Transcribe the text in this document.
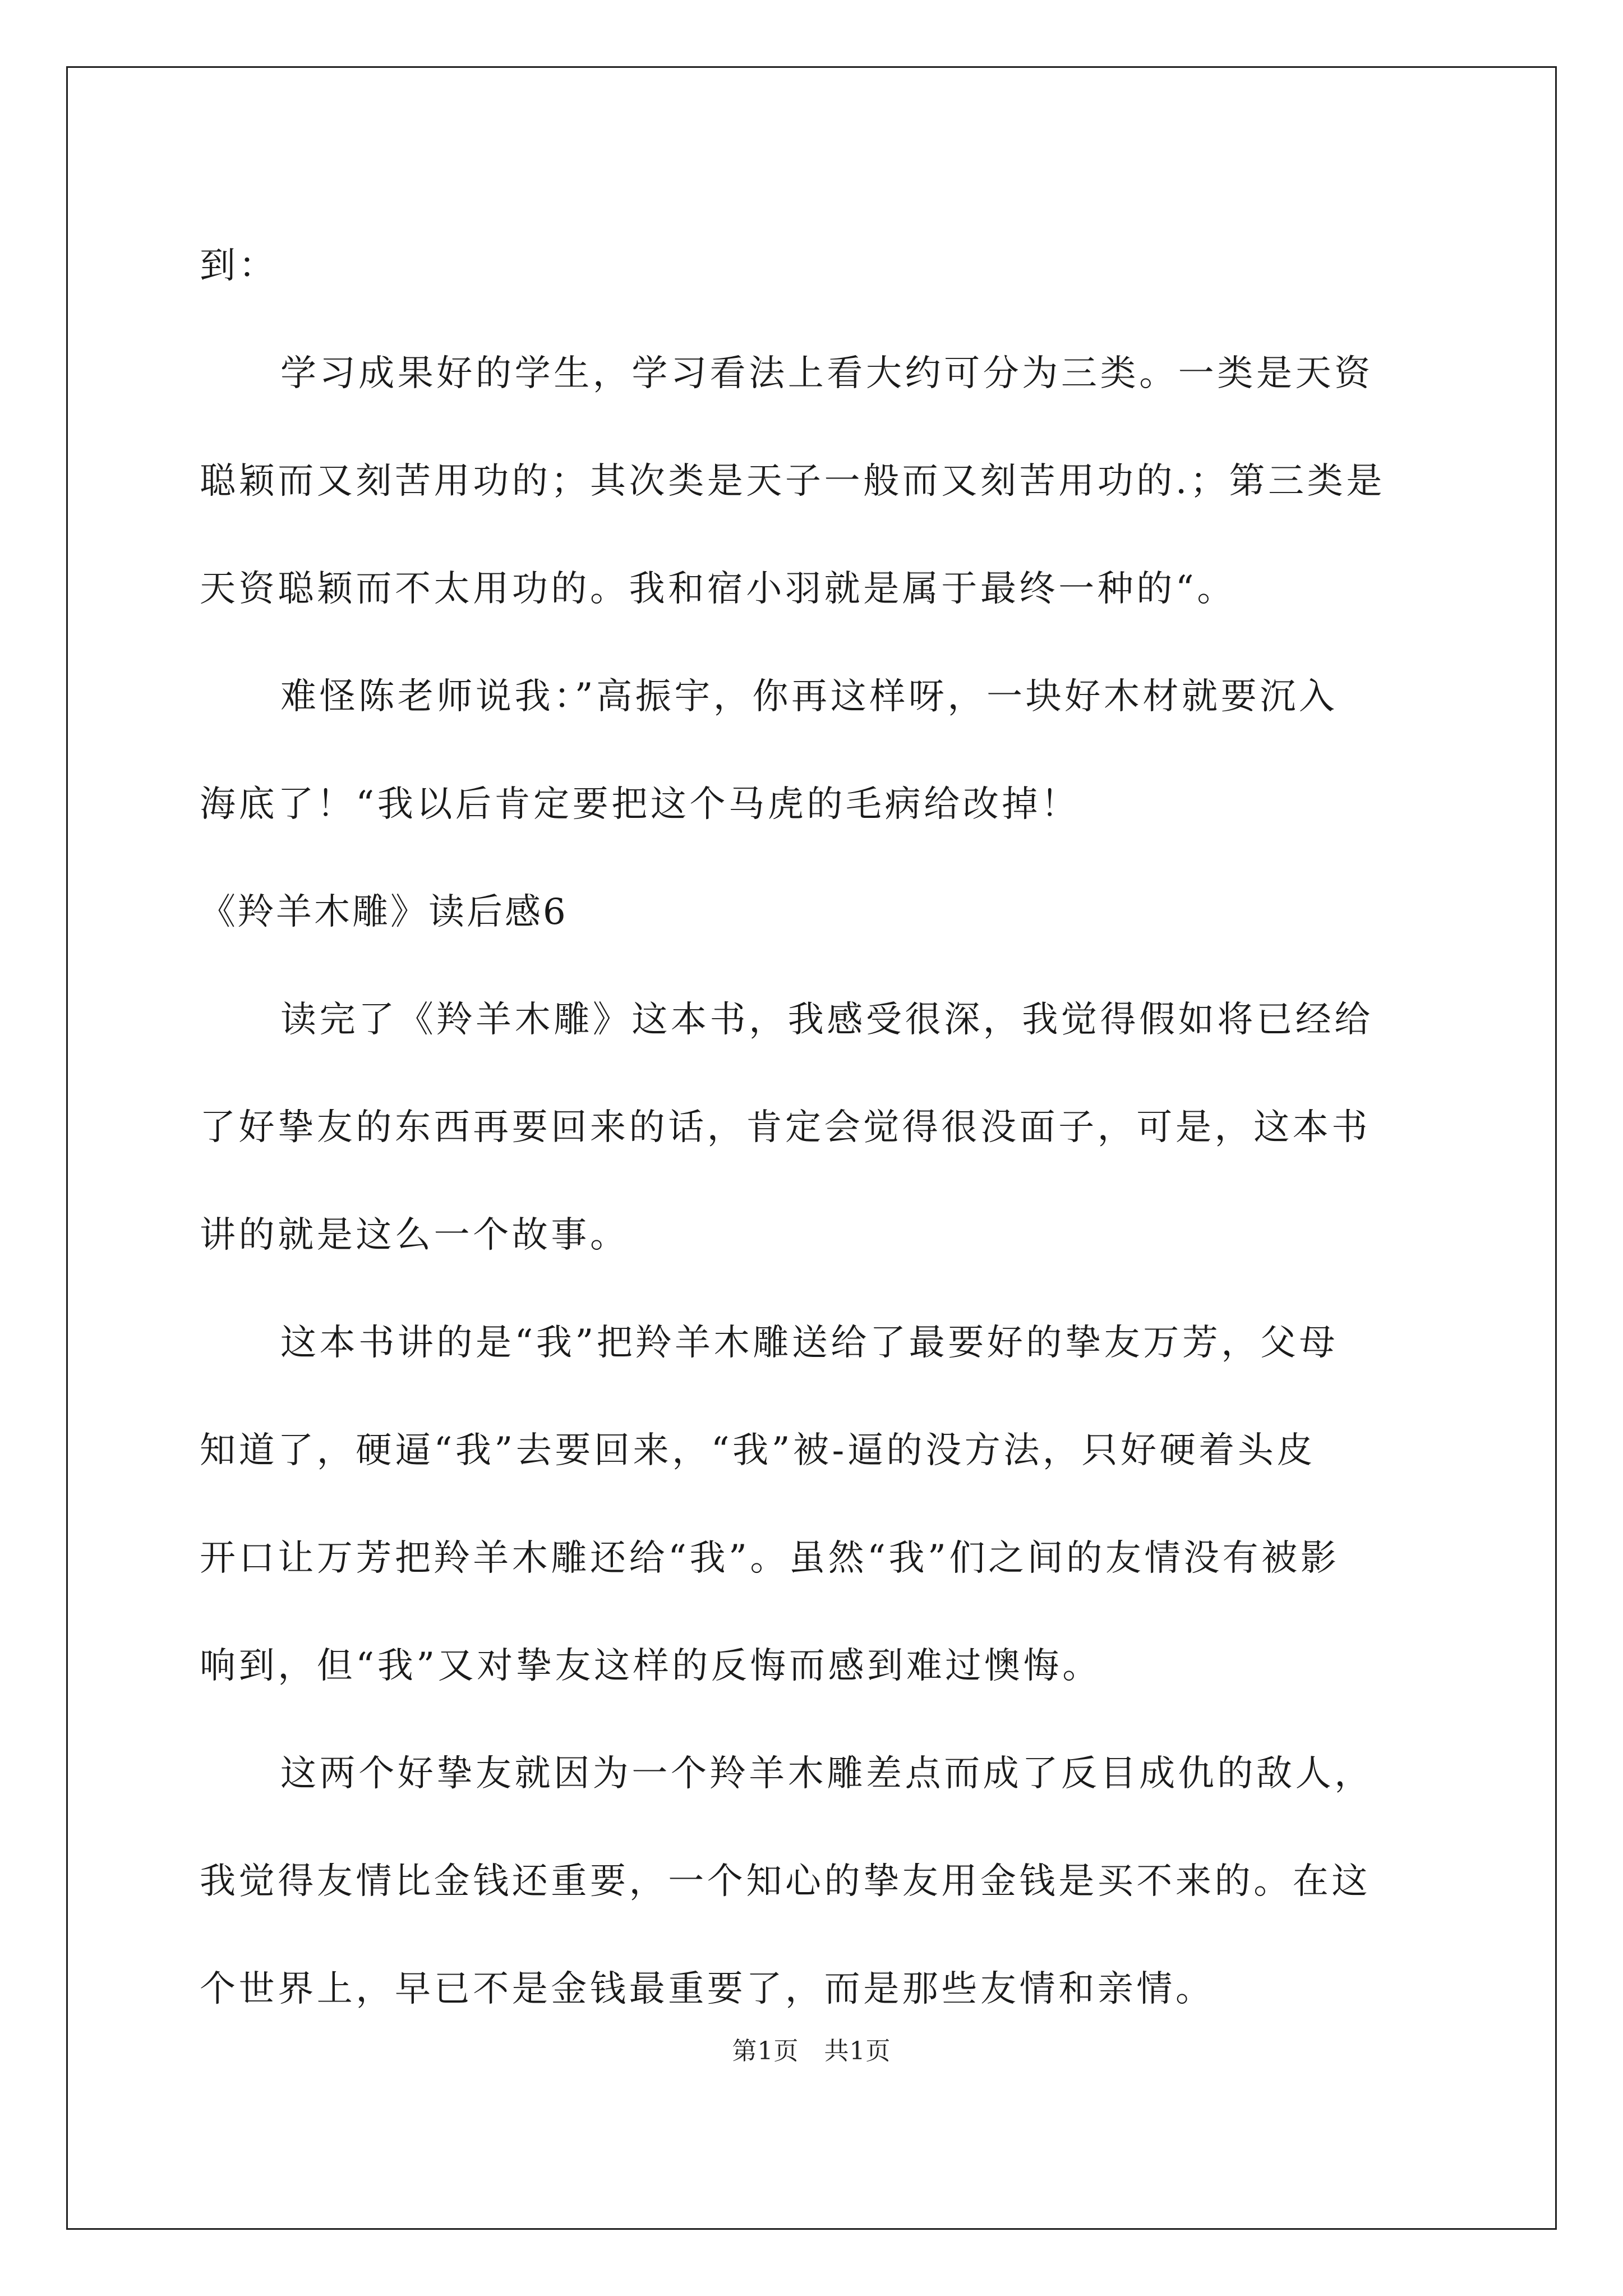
到：
学习成果好的学生，学习看法上看大约可分为三类。一类是天资
聪颖而又刻苦用功的；其次类是天子一般而又刻苦用功的.；第三类是
天资聪颖而不太用功的。我和宿小羽就是属于最终一种的“。
难怪陈老师说我：”高振宇，你再这样呀，一块好木材就要沉入
海底了！“我以后肯定要把这个马虎的毛病给改掉！
《羚羊木雕》读后感6
读完了《羚羊木雕》这本书，我感受很深，我觉得假如将已经给
了好挚友的东西再要回来的话，肯定会觉得很没面子，可是，这本书
讲的就是这么一个故事。
这本书讲的是“我”把羚羊木雕送给了最要好的挚友万芳，父母
知道了，硬逼“我”去要回来，“我”被-逼的没方法，只好硬着头皮
开口让万芳把羚羊木雕还给“我”。虽然“我”们之间的友情没有被影
响到，但“我”又对挚友这样的反悔而感到难过懊悔。
这两个好挚友就因为一个羚羊木雕差点而成了反目成仇的敌人，
我觉得友情比金钱还重要，一个知心的挚友用金钱是买不来的。在这
个世界上，早已不是金钱最重要了，而是那些友情和亲情。
第1页　共1页
